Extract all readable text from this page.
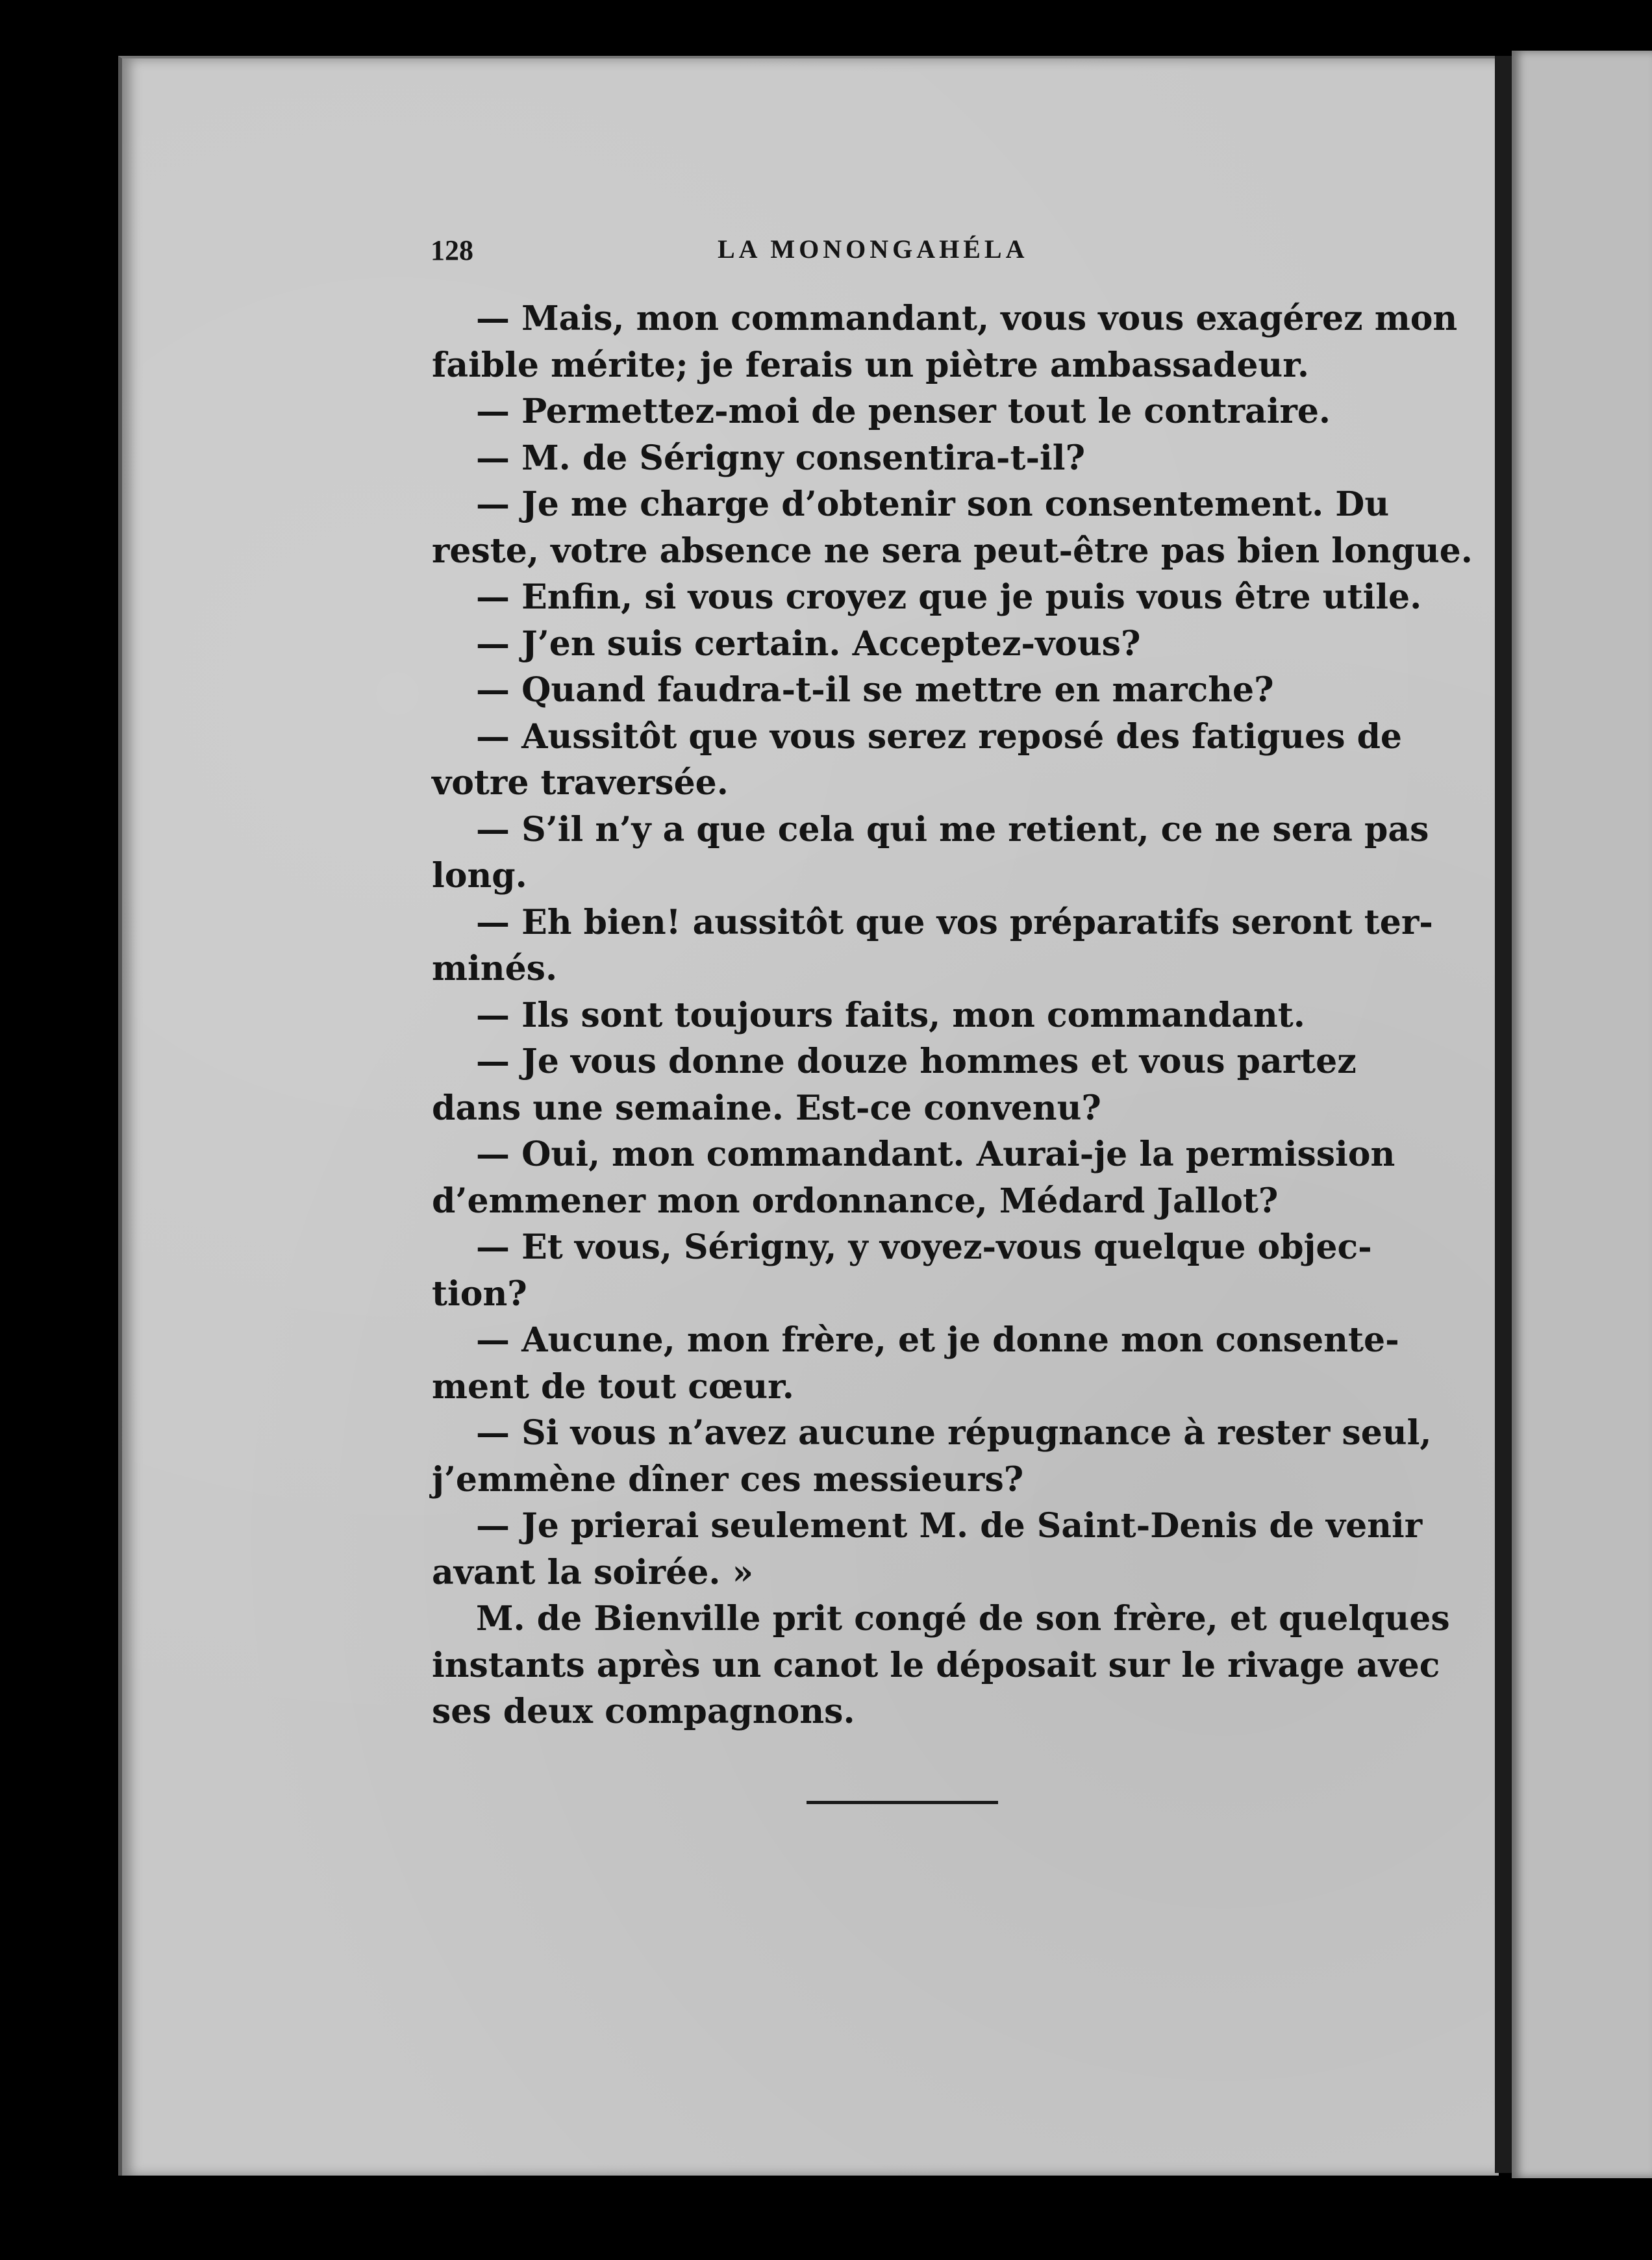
128	LA MONONGAHÉLA
— Mais, mon commandant, vous vous exagérez mon
faible mérite; je ferais un piètre ambassadeur.
— Permettez-moi de penser tout le contraire.
— M. de Sérigny consentira-t-il?
— Je me charge d’obtenir son consentement. Du
reste, votre absence ne sera peut-être pas bien longue.
— Enfin, si vous croyez que je puis vous être utile.
— J’en suis certain. Acceptez-vous?
— Quand faudra-t-il se mettre en marche?
— Aussitôt que vous serez reposé des fatigues de
votre traversée.
— S’il n’y a que cela qui me retient, ce ne sera pas
long.
— Eh bien! aussitôt que vos préparatifs seront ter-
minés.
— Ils sont toujours faits, mon commandant.
— Je vous donne douze hommes et vous partez
dans une semaine. Est-ce convenu?
— Oui, mon commandant. Aurai-je la permission
d’emmener mon ordonnance, Médard Jallot?
— Et vous, Sérigny, y voyez-vous quelque objec-
tion?
— Aucune, mon frère, et je donne mon consente-
ment de tout cœur.
— Si vous n’avez aucune répugnance à rester seul,
j’emmène dîner ces messieurs?
— Je prierai seulement M. de Saint-Denis de venir
avant la soirée. »
M. de Bienville prit congé de son frère, et quelques
instants après un canot le déposait sur le rivage avec
ses deux compagnons.
